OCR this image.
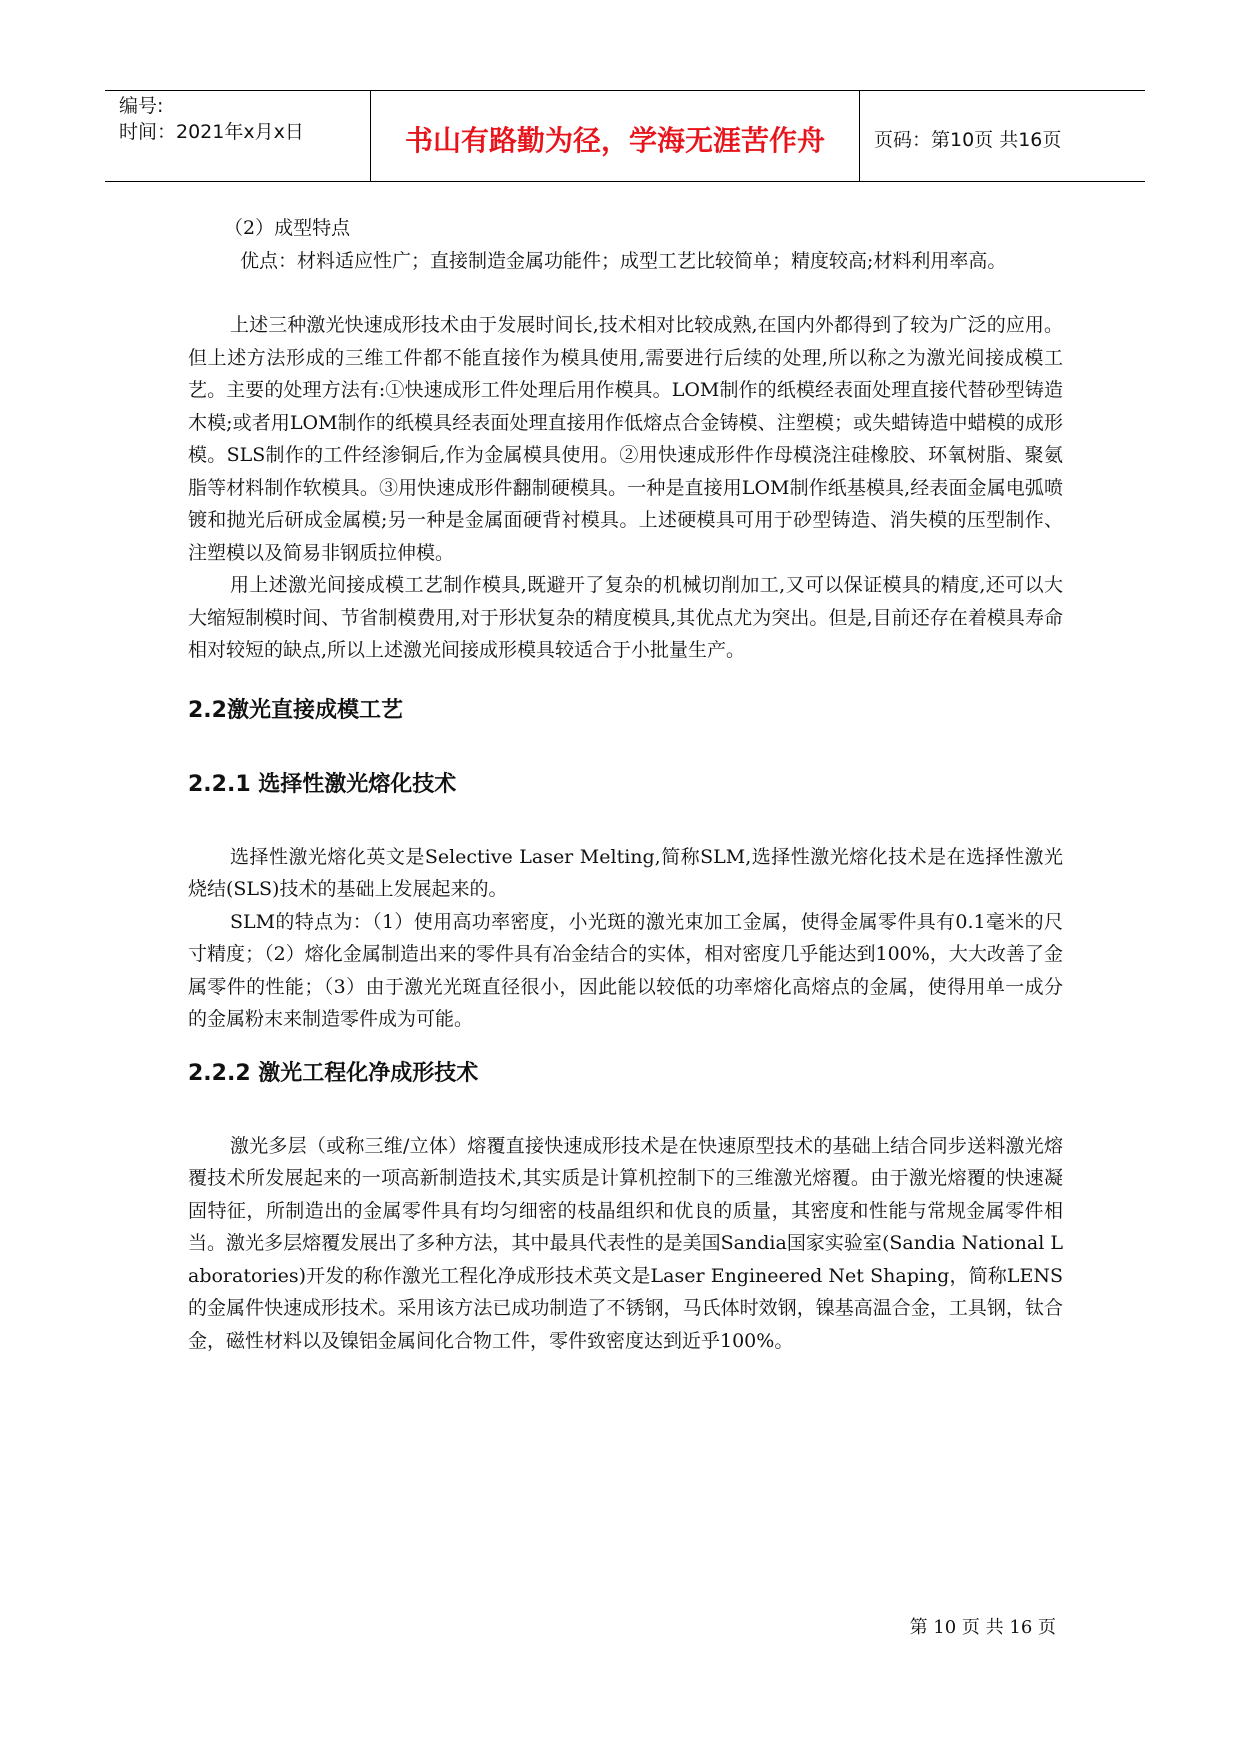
编号:
时间：2021年x月x日	书山有路勤为径，学海无涯苦作舟	页码：第10页 共16页

（2）成型特点

优点：材料适应性广；直接制造金属功能件；成型工艺比较简单；精度较高;材料利用率高。

上述三种激光快速成形技术由于发展时间长,技术相对比较成熟,在国内外都得到了较为广泛的应用。但上述方法形成的三维工件都不能直接作为模具使用,需要进行后续的处理,所以称之为激光间接成模工艺。主要的处理方法有:①快速成形工件处理后用作模具。LOM制作的纸模经表面处理直接代替砂型铸造木模;或者用LOM制作的纸模具经表面处理直接用作低熔点合金铸模、注塑模；或失蜡铸造中蜡模的成形模。SLS制作的工件经渗铜后,作为金属模具使用。②用快速成形件作母模浇注硅橡胶、环氧树脂、聚氨脂等材料制作软模具。③用快速成形件翻制硬模具。一种是直接用LOM制作纸基模具,经表面金属电弧喷镀和抛光后研成金属模;另一种是金属面硬背衬模具。上述硬模具可用于砂型铸造、消失模的压型制作、注塑模以及简易非钢质拉伸模。

用上述激光间接成模工艺制作模具,既避开了复杂的机械切削加工,又可以保证模具的精度,还可以大大缩短制模时间、节省制模费用,对于形状复杂的精度模具,其优点尤为突出。但是,目前还存在着模具寿命相对较短的缺点,所以上述激光间接成形模具较适合于小批量生产。

2.2激光直接成模工艺
2.2.1 选择性激光熔化技术

选择性激光熔化英文是Selective Laser Melting,简称SLM,选择性激光熔化技术是在选择性激光烧结(SLS)技术的基础上发展起来的。

SLM的特点为：（1）使用高功率密度，小光斑的激光束加工金属，使得金属零件具有0.1毫米的尺寸精度；（2）熔化金属制造出来的零件具有冶金结合的实体，相对密度几乎能达到100%，大大改善了金属零件的性能；（3）由于激光光斑直径很小，因此能以较低的功率熔化高熔点的金属，使得用单一成分的金属粉末来制造零件成为可能。

2.2.2 激光工程化净成形技术

激光多层（或称三维/立体）熔覆直接快速成形技术是在快速原型技术的基础上结合同步送料激光熔覆技术所发展起来的一项高新制造技术,其实质是计算机控制下的三维激光熔覆。由于激光熔覆的快速凝固特征，所制造出的金属零件具有均匀细密的枝晶组织和优良的质量，其密度和性能与常规金属零件相当。激光多层熔覆发展出了多种方法，其中最具代表性的是美国Sandia国家实验室(Sandia National Laboratories)开发的称作激光工程化净成形技术英文是Laser Engineered Net Shaping，简称LENS的金属件快速成形技术。采用该方法已成功制造了不锈钢，马氏体时效钢，镍基高温合金，工具钢，钛合金，磁性材料以及镍铝金属间化合物工件，零件致密度达到近乎100%。

第 10 页 共 16 页
